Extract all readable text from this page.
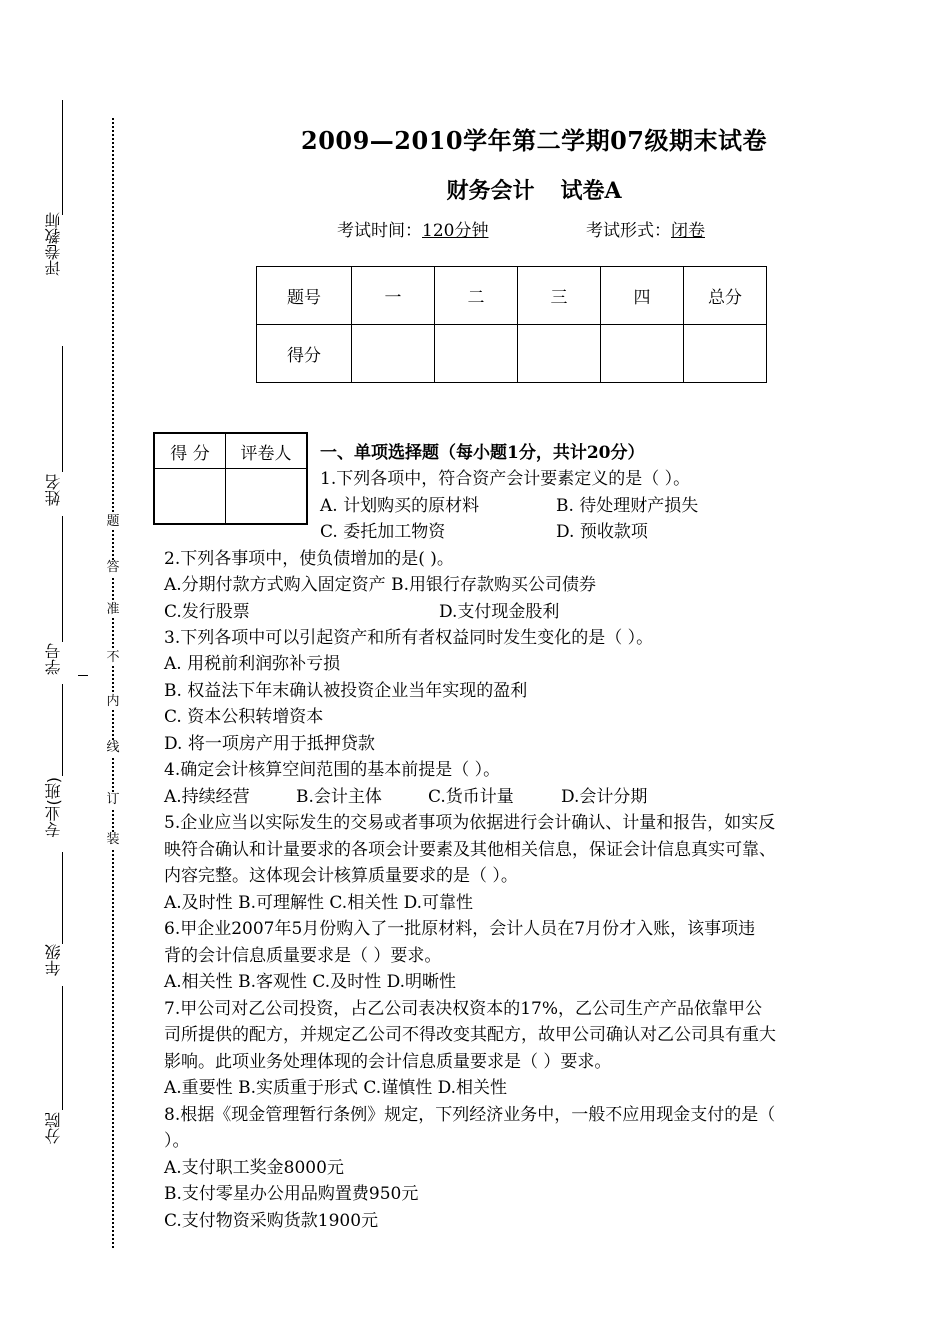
评卷教师
姓名
学号
专业(班)
年级
分院
装
订
线
内
不
准
答
题
2009—2010学年第二学期07级期末试卷
财务会计 试卷A
考试时间：120分钟	考试形式：闭卷
题号	一	二	三	四	总分
得分					
得 分	评卷人
	一、单项选择题（每小题1分，共计20分）
1.下列各项中，符合资产会计要素定义的是（ ）。
A. 计划购买的原材料	B. 待处理财产损失
C. 委托加工物资	D. 预收款项
2.下列各事项中，使负债增加的是( )。
A.分期付款方式购入固定资产 B.用银行存款购买公司债券
C.发行股票	D.支付现金股利
3.下列各项中可以引起资产和所有者权益同时发生变化的是（ ）。
A. 用税前利润弥补亏损
B. 权益法下年末确认被投资企业当年实现的盈利
C. 资本公积转增资本
D. 将一项房产用于抵押贷款
4.确定会计核算空间范围的基本前提是（ ）。
A.持续经营	B.会计主体	C.货币计量	D.会计分期
5.企业应当以实际发生的交易或者事项为依据进行会计确认、计量和报告，如实反
映符合确认和计量要求的各项会计要素及其他相关信息，保证会计信息真实可靠、
内容完整。这体现会计核算质量要求的是（ ）。
A.及时性 B.可理解性 C.相关性 D.可靠性
6.甲企业2007年5月份购入了一批原材料，会计人员在7月份才入账，该事项违
背的会计信息质量要求是（ ）要求。
A.相关性 B.客观性 C.及时性 D.明晰性
7.甲公司对乙公司投资，占乙公司表决权资本的17%，乙公司生产产品依靠甲公
司所提供的配方，并规定乙公司不得改变其配方，故甲公司确认对乙公司具有重大
影响。此项业务处理体现的会计信息质量要求是（ ）要求。
A.重要性 B.实质重于形式 C.谨慎性 D.相关性
8.根据《现金管理暂行条例》规定，下列经济业务中，一般不应用现金支付的是（
）。
A.支付职工奖金8000元
B.支付零星办公用品购置费950元
C.支付物资采购货款1900元
